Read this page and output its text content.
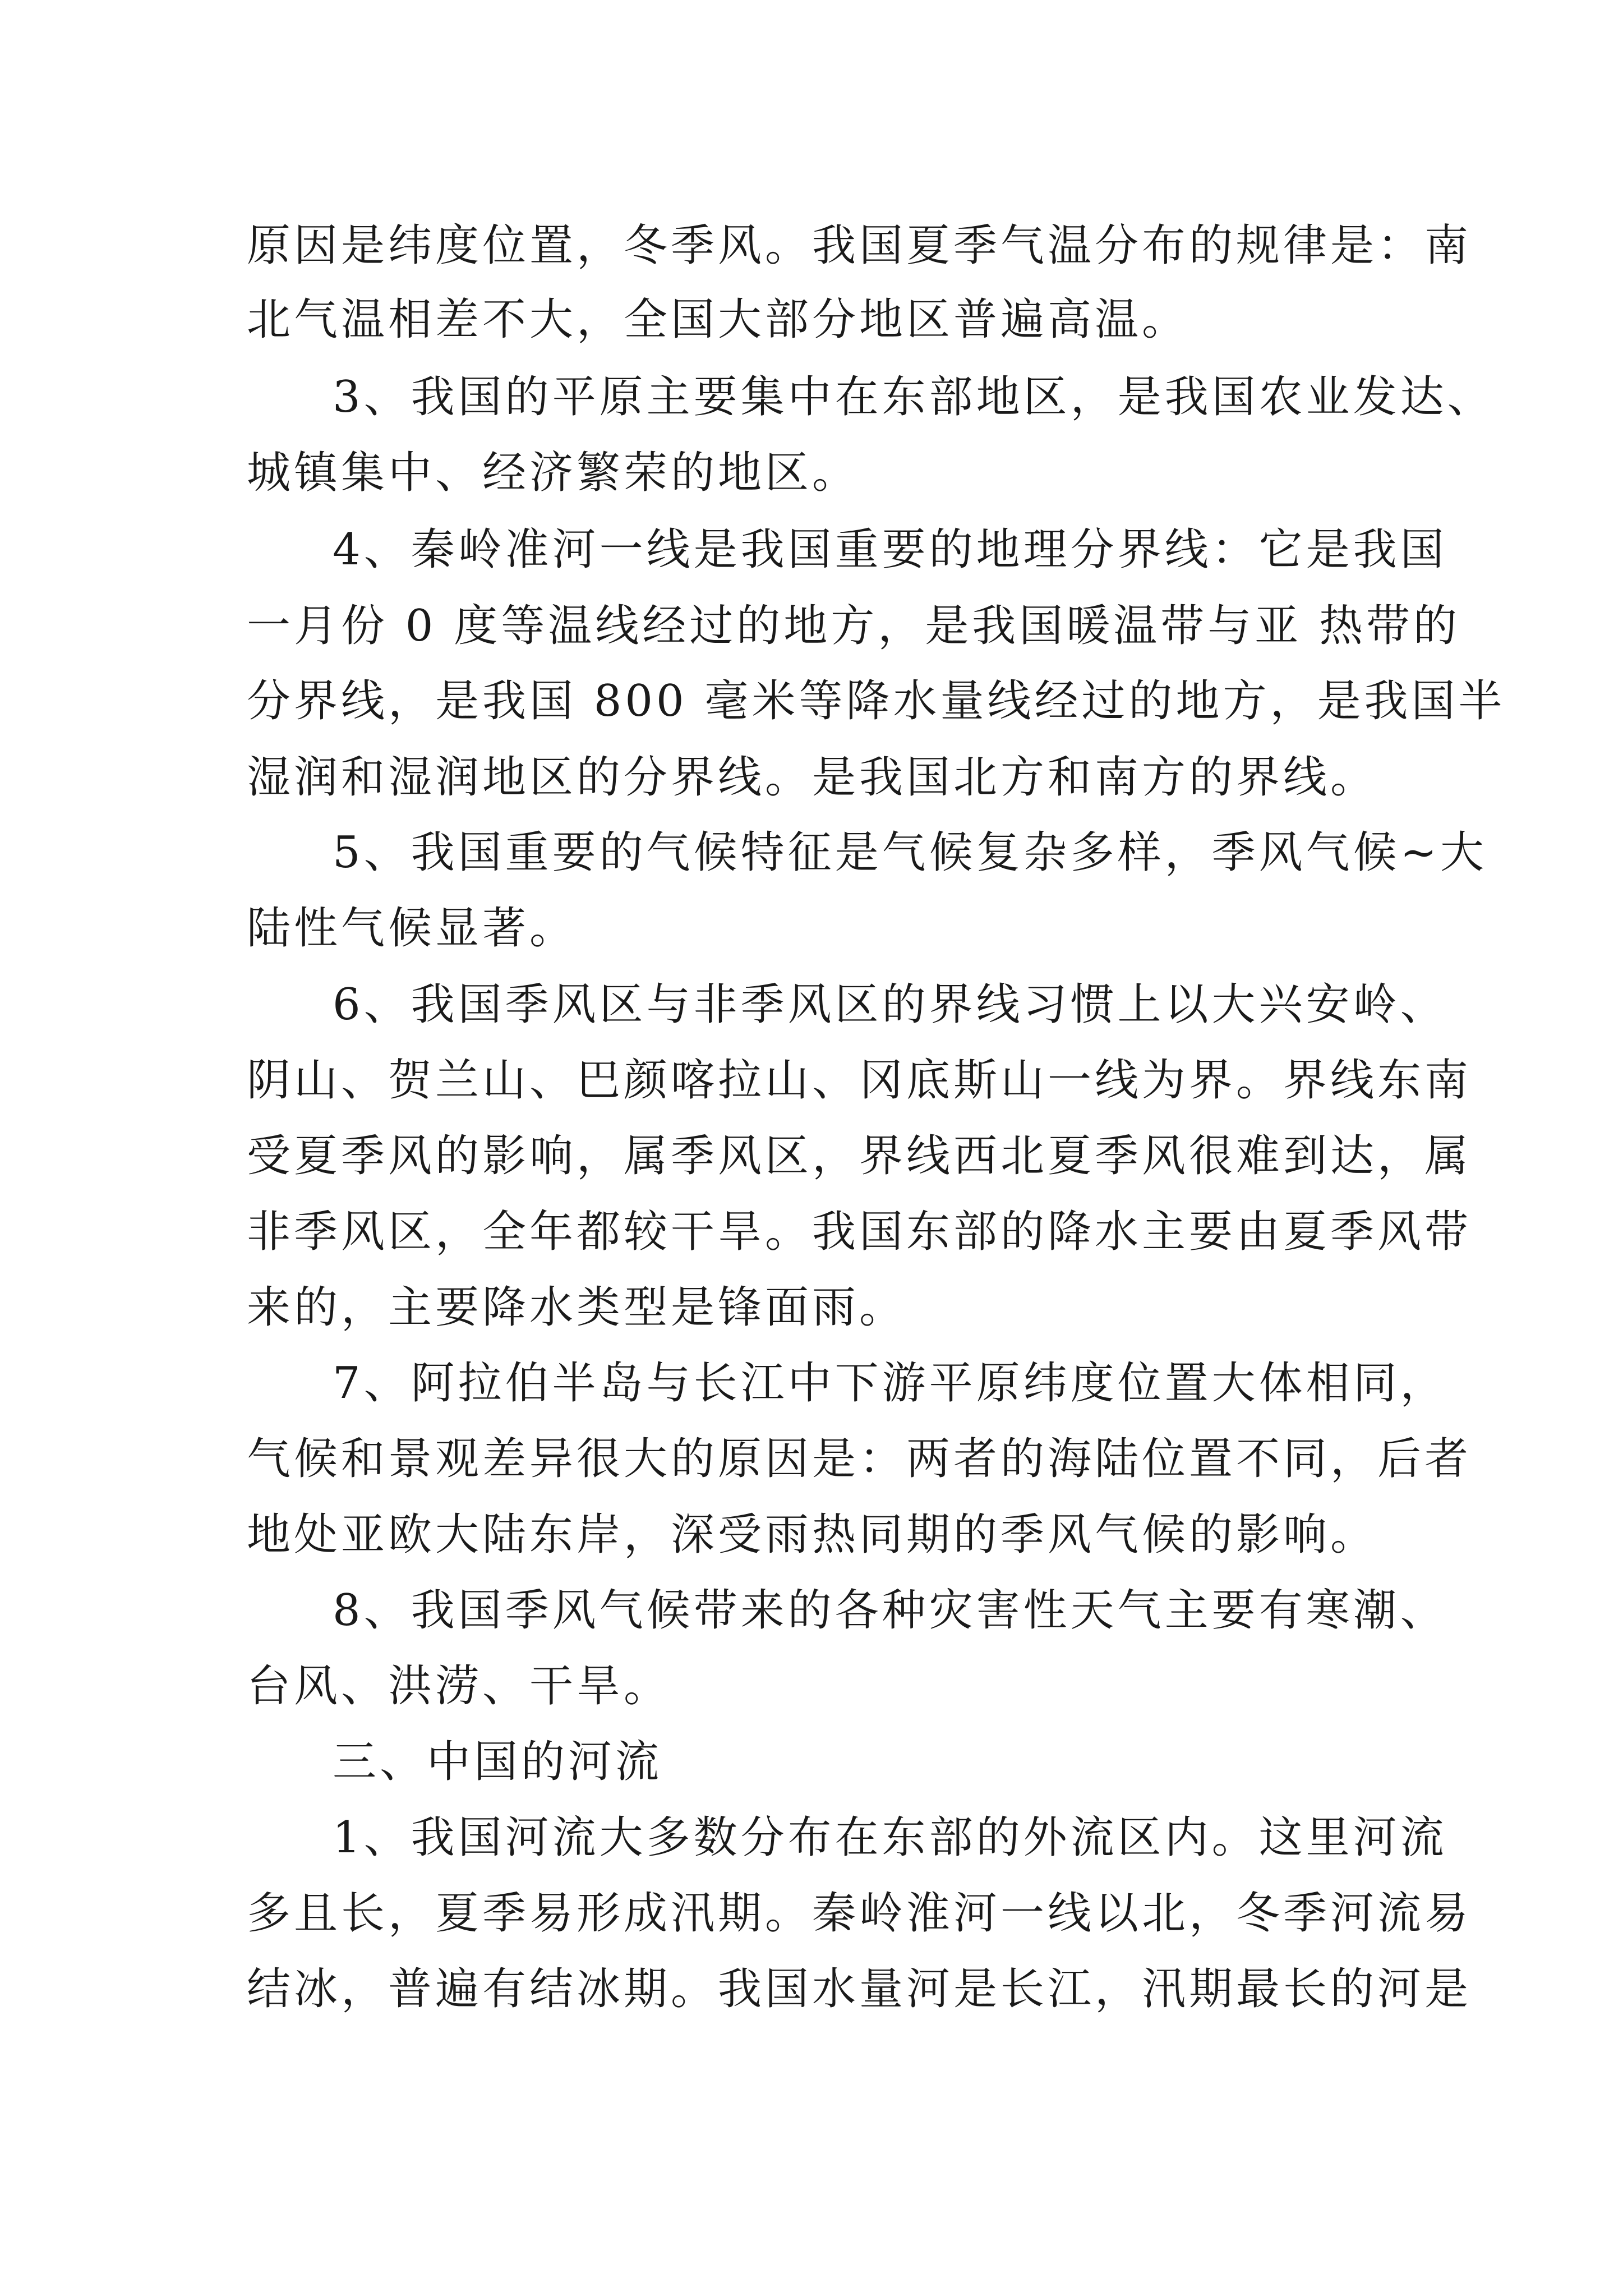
原因是纬度位置，冬季风。我国夏季气温分布的规律是：南
北气温相差不大，全国大部分地区普遍高温。
3、我国的平原主要集中在东部地区，是我国农业发达、
城镇集中、经济繁荣的地区。
4、秦岭准河一线是我国重要的地理分界线：它是我国
一月份 0 度等温线经过的地方，是我国暖温带与亚 热带的
分界线，是我国 800 毫米等降水量线经过的地方，是我国半
湿润和湿润地区的分界线。是我国北方和南方的界线。
5、我国重要的气候特征是气候复杂多样，季风气候~大
陆性气候显著。
6、我国季风区与非季风区的界线习惯上以大兴安岭、
阴山、贺兰山、巴颜喀拉山、冈底斯山一线为界。界线东南
受夏季风的影响，属季风区，界线西北夏季风很难到达，属
非季风区，全年都较干旱。我国东部的降水主要由夏季风带
来的，主要降水类型是锋面雨。
7、阿拉伯半岛与长江中下游平原纬度位置大体相同，
气候和景观差异很大的原因是：两者的海陆位置不同，后者
地处亚欧大陆东岸，深受雨热同期的季风气候的影响。
8、我国季风气候带来的各种灾害性天气主要有寒潮、
台风、洪涝、干旱。
三、中国的河流
1、我国河流大多数分布在东部的外流区内。这里河流
多且长，夏季易形成汛期。秦岭淮河一线以北，冬季河流易
结冰，普遍有结冰期。我国水量河是长江，汛期最长的河是
